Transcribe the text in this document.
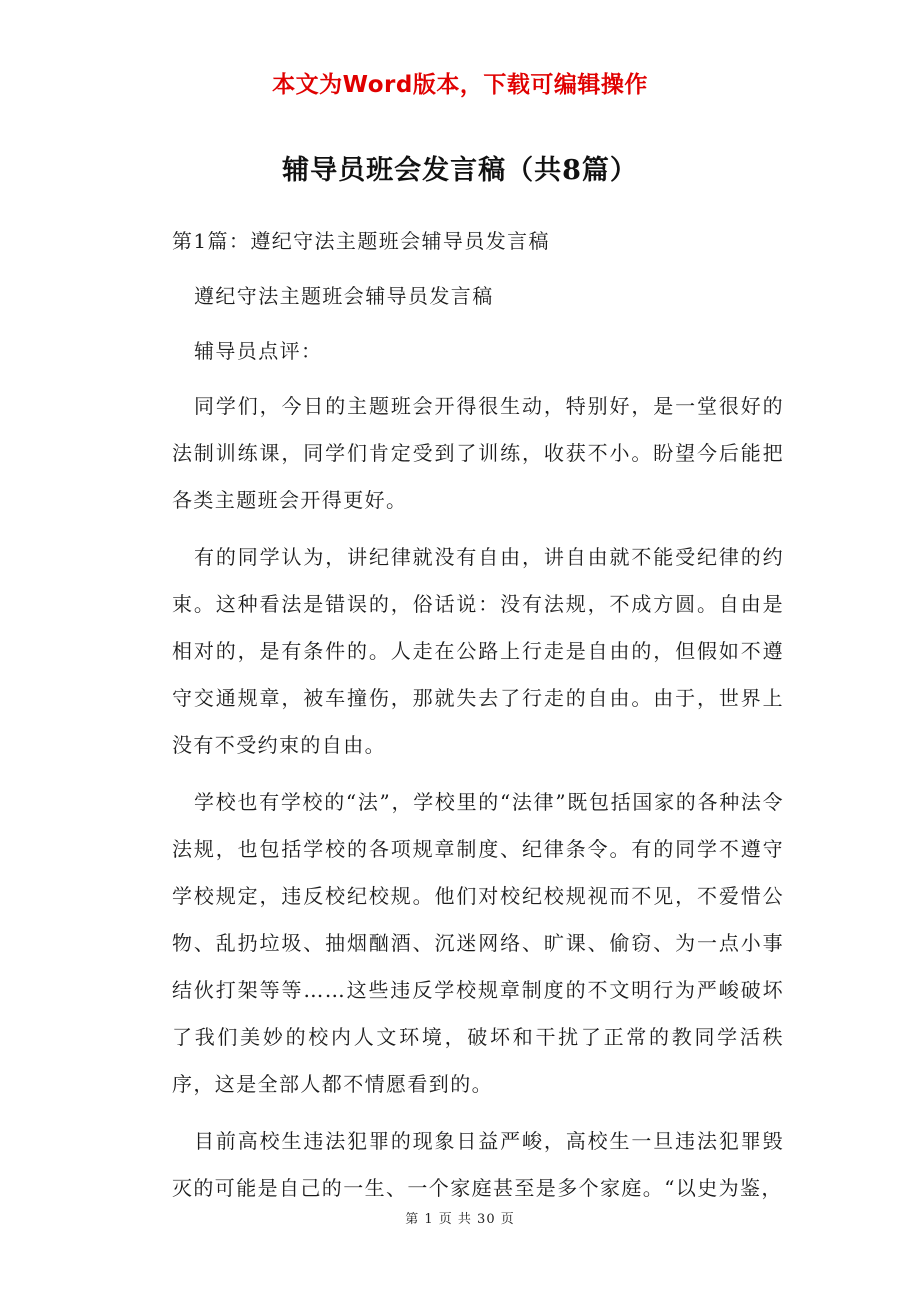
本文为Word版本，下载可编辑操作
辅导员班会发言稿（共8篇）

第1篇：遵纪守法主题班会辅导员发言稿

遵纪守法主题班会辅导员发言稿

辅导员点评：

同学们，今日的主题班会开得很生动，特别好，是一堂很好的法制训练课，同学们肯定受到了训练，收获不小。盼望今后能把各类主题班会开得更好。

有的同学认为，讲纪律就没有自由，讲自由就不能受纪律的约束。这种看法是错误的，俗话说：没有法规，不成方圆。自由是相对的，是有条件的。人走在公路上行走是自由的，但假如不遵守交通规章，被车撞伤，那就失去了行走的自由。由于，世界上没有不受约束的自由。

学校也有学校的“法”，学校里的“法律”既包括国家的各种法令法规，也包括学校的各项规章制度、纪律条令。有的同学不遵守学校规定，违反校纪校规。他们对校纪校规视而不见，不爱惜公物、乱扔垃圾、抽烟酗酒、沉迷网络、旷课、偷窃、为一点小事结伙打架等等……这些违反学校规章制度的不文明行为严峻破坏了我们美妙的校内人文环境，破坏和干扰了正常的教同学活秩序，这是全部人都不情愿看到的。

目前高校生违法犯罪的现象日益严峻，高校生一旦违法犯罪毁灭的可能是自己的一生、一个家庭甚至是多个家庭。“以史为鉴，

第 1 页 共 30 页
